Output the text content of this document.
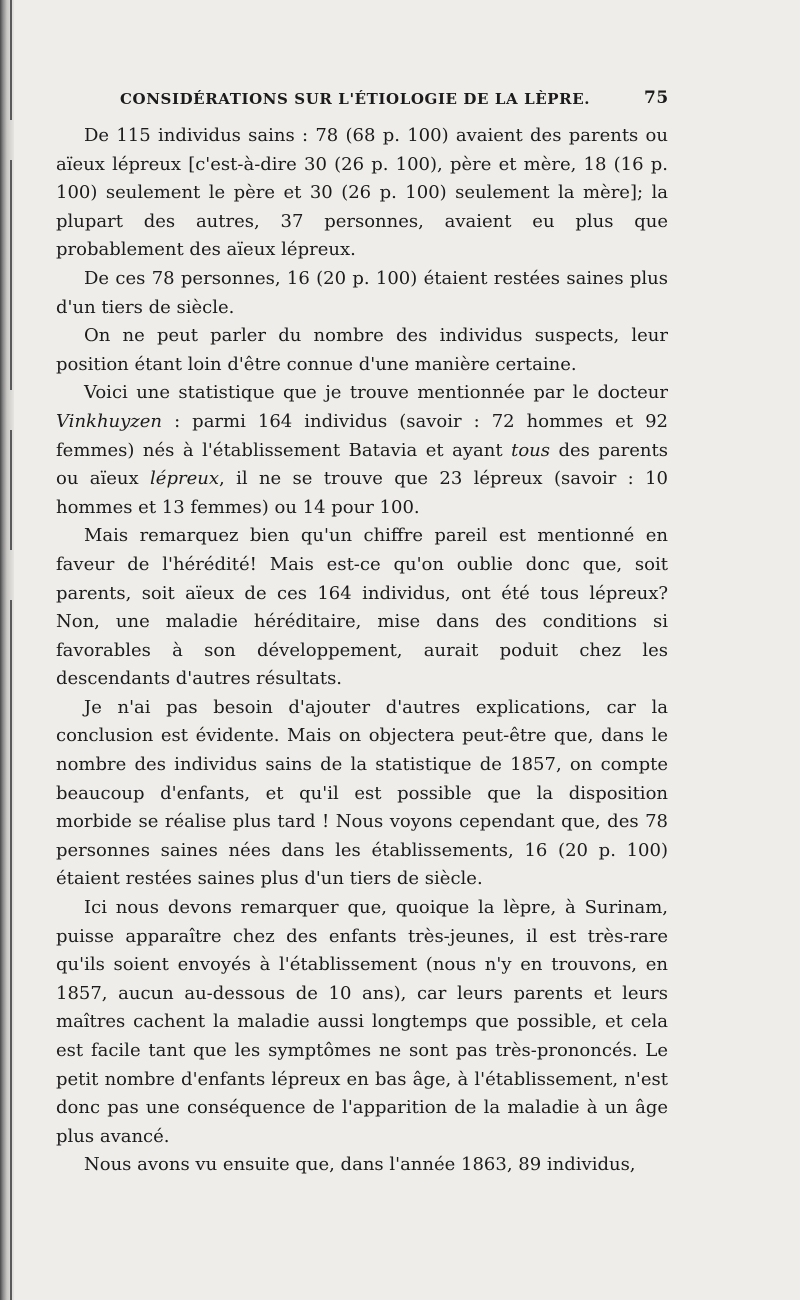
CONSIDÉRATIONS SUR L'ÉTIOLOGIE DE LA LÈPRE.	75

De 115 individus sains : 78 (68 p. 100) avaient des parents ou aïeux lépreux [c'est-à-dire 30 (26 p. 100), père et mère, 18 (16 p. 100) seulement le père et 30 (26 p. 100) seulement la mère]; la plupart des autres, 37 personnes, avaient eu plus que probablement des aïeux lépreux.

De ces 78 personnes, 16 (20 p. 100) étaient restées saines plus d'un tiers de siècle.

On ne peut parler du nombre des individus suspects, leur position étant loin d'être connue d'une manière certaine.

Voici une statistique que je trouve mentionnée par le docteur Vinkhuyzen : parmi 164 individus (savoir : 72 hommes et 92 femmes) nés à l'établissement Batavia et ayant tous des parents ou aïeux lépreux, il ne se trouve que 23 lépreux (savoir : 10 hommes et 13 femmes) ou 14 pour 100.

Mais remarquez bien qu'un chiffre pareil est mentionné en faveur de l'hérédité! Mais est-ce qu'on oublie donc que, soit parents, soit aïeux de ces 164 individus, ont été tous lépreux? Non, une maladie héréditaire, mise dans des conditions si favorables à son développement, aurait poduit chez les descendants d'autres résultats.

Je n'ai pas besoin d'ajouter d'autres explications, car la conclusion est évidente. Mais on objectera peut-être que, dans le nombre des individus sains de la statistique de 1857, on compte beaucoup d'enfants, et qu'il est possible que la disposition morbide se réalise plus tard ! Nous voyons cependant que, des 78 personnes saines nées dans les établissements, 16 (20 p. 100) étaient restées saines plus d'un tiers de siècle.

Ici nous devons remarquer que, quoique la lèpre, à Surinam, puisse apparaître chez des enfants très-jeunes, il est très-rare qu'ils soient envoyés à l'établissement (nous n'y en trouvons, en 1857, aucun au-dessous de 10 ans), car leurs parents et leurs maîtres cachent la maladie aussi longtemps que possible, et cela est facile tant que les symptômes ne sont pas très-prononcés. Le petit nombre d'enfants lépreux en bas âge, à l'établissement, n'est donc pas une conséquence de l'apparition de la maladie à un âge plus avancé.

Nous avons vu ensuite que, dans l'année 1863, 89 individus,
